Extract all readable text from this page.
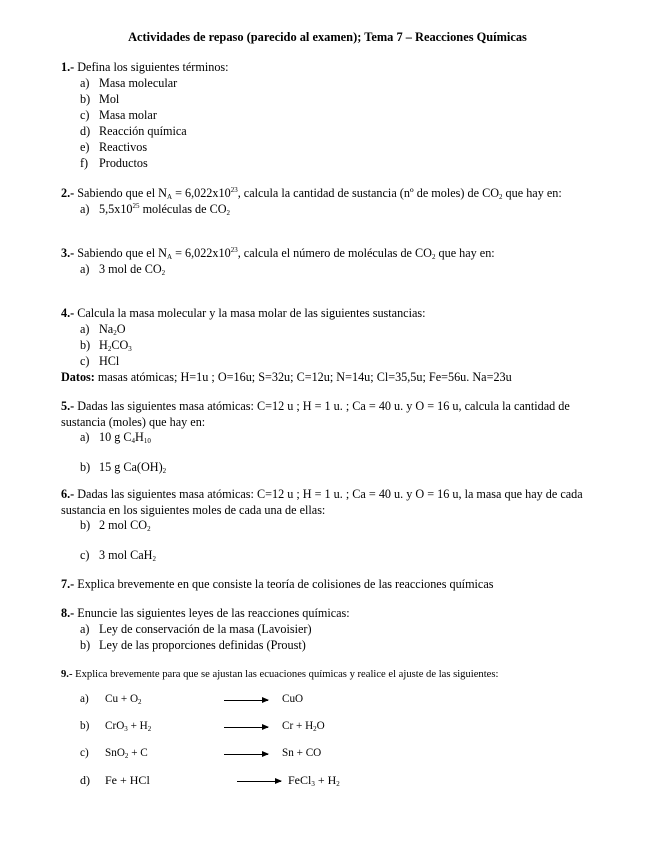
Actividades de repaso (parecido al examen); Tema 7 – Reacciones Químicas
1.- Defina los siguientes términos:
a) Masa molecular
b) Mol
c) Masa molar
d) Reacción química
e) Reactivos
f) Productos
2.- Sabiendo que el $N_A = 6,022x10^{23}$, calcula la cantidad de sustancia (nº de moles) de $CO_2$ que hay en:
a) $5,5x10^{25}$ moléculas de $CO_2$
3.- Sabiendo que el $N_A = 6,022x10^{23}$, calcula el número de moléculas de $CO_2$ que hay en:
a) 3 mol de $CO_2$
4.- Calcula la masa molecular y la masa molar de las siguientes sustancias:
a) $Na_2O$
b) $H_2CO_3$
c) HCl
Datos: masas atómicas; H=1u ; O=16u; S=32u; C=12u; N=14u; Cl=35,5u; Fe=56u. Na=23u
5.- Dadas las siguientes masa atómicas: C=12 u ; H = 1 u. ; Ca = 40 u. y O = 16 u, calcula la cantidad de sustancia (moles) que hay en:
a) 10 g $C_4H_{10}$
b) 15 g $Ca(OH)_2$
6.- Dadas las siguientes masa atómicas: C=12 u ; H = 1 u. ; Ca = 40 u. y O = 16 u, la masa que hay de cada sustancia en los siguientes moles de cada una de ellas:
b) 2 mol $CO_2$
c) 3 mol CaH$_2$
7.- Explica brevemente en que consiste la teoría de colisiones de las reacciones químicas
8.- Enuncie las siguientes leyes de las reacciones químicas:
a) Ley de conservación de la masa (Lavoisier)
b) Ley de las proporciones definidas (Proust)
9.- Explica brevemente para que se ajustan las ecuaciones químicas y realice el ajuste de las siguientes:
a) $Cu + O_2$	→ CuO
b) $CrO_3 + H_2$	→ $Cr + H_2O$
c) SnO$_2$ + C	→ Sn + CO
d) Fe + HCl	→ FeCl$_3$ + $H_2$
